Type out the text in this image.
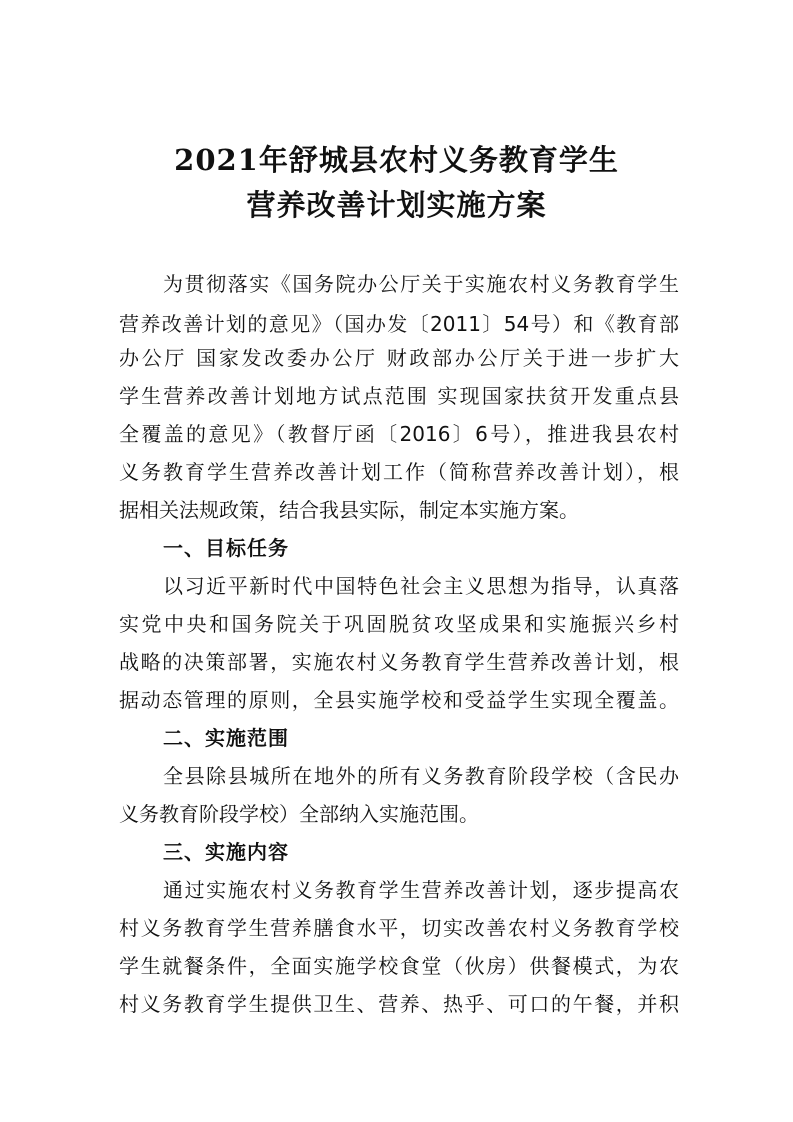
2021年舒城县农村义务教育学生
营养改善计划实施方案
为贯彻落实《国务院办公厅关于实施农村义务教育学生
营养改善计划的意见》（国办发〔2011〕54号）和《教育部
办公厅 国家发改委办公厅 财政部办公厅关于进一步扩大
学生营养改善计划地方试点范围 实现国家扶贫开发重点县
全覆盖的意见》（教督厅函〔2016〕6号），推进我县农村
义务教育学生营养改善计划工作（简称营养改善计划），根
据相关法规政策，结合我县实际，制定本实施方案。
一、目标任务
以习近平新时代中国特色社会主义思想为指导，认真落
实党中央和国务院关于巩固脱贫攻坚成果和实施振兴乡村
战略的决策部署，实施农村义务教育学生营养改善计划，根
据动态管理的原则，全县实施学校和受益学生实现全覆盖。
二、实施范围
全县除县城所在地外的所有义务教育阶段学校（含民办
义务教育阶段学校）全部纳入实施范围。
三、实施内容
通过实施农村义务教育学生营养改善计划，逐步提高农
村义务教育学生营养膳食水平，切实改善农村义务教育学校
学生就餐条件，全面实施学校食堂（伙房）供餐模式，为农
村义务教育学生提供卫生、营养、热乎、可口的午餐，并积
